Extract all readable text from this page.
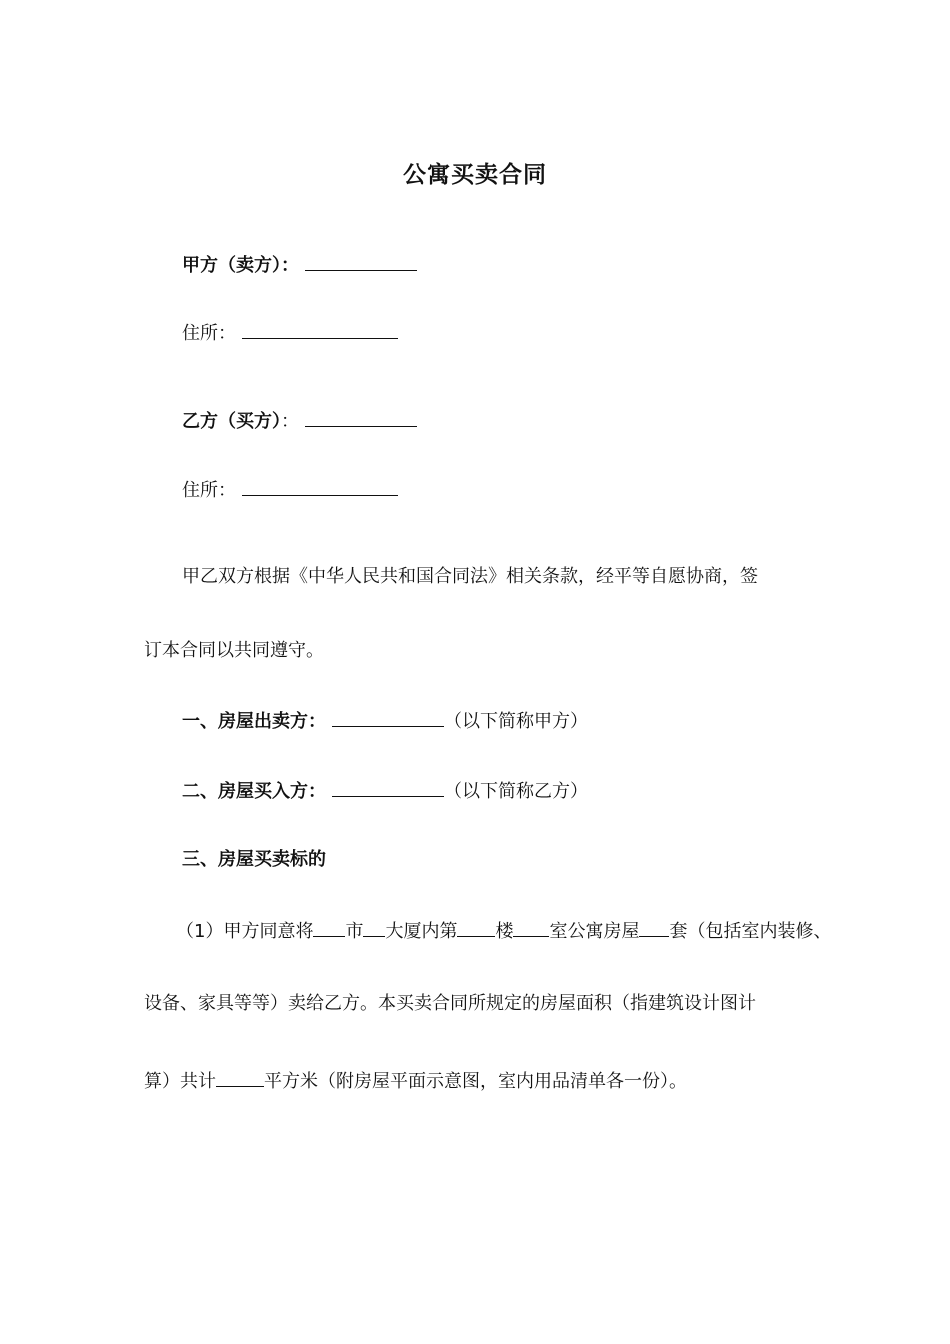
公寓买卖合同
甲方（卖方）：
住所：
乙方（买方）：
住所：
甲乙双方根据《中华人民共和国合同法》相关条款，经平等自愿协商，签
订本合同以共同遵守。
一、房屋出卖方：	（以下简称甲方）
二、房屋买入方：	（以下简称乙方）
三、房屋买卖标的
（1）甲方同意将 市 大厦内第 楼 室公寓房屋 套（包括室内装修、
设备、家具等等）卖给乙方。本买卖合同所规定的房屋面积（指建筑设计图计
算）共计	平方米（附房屋平面示意图，室内用品清单各一份）。
